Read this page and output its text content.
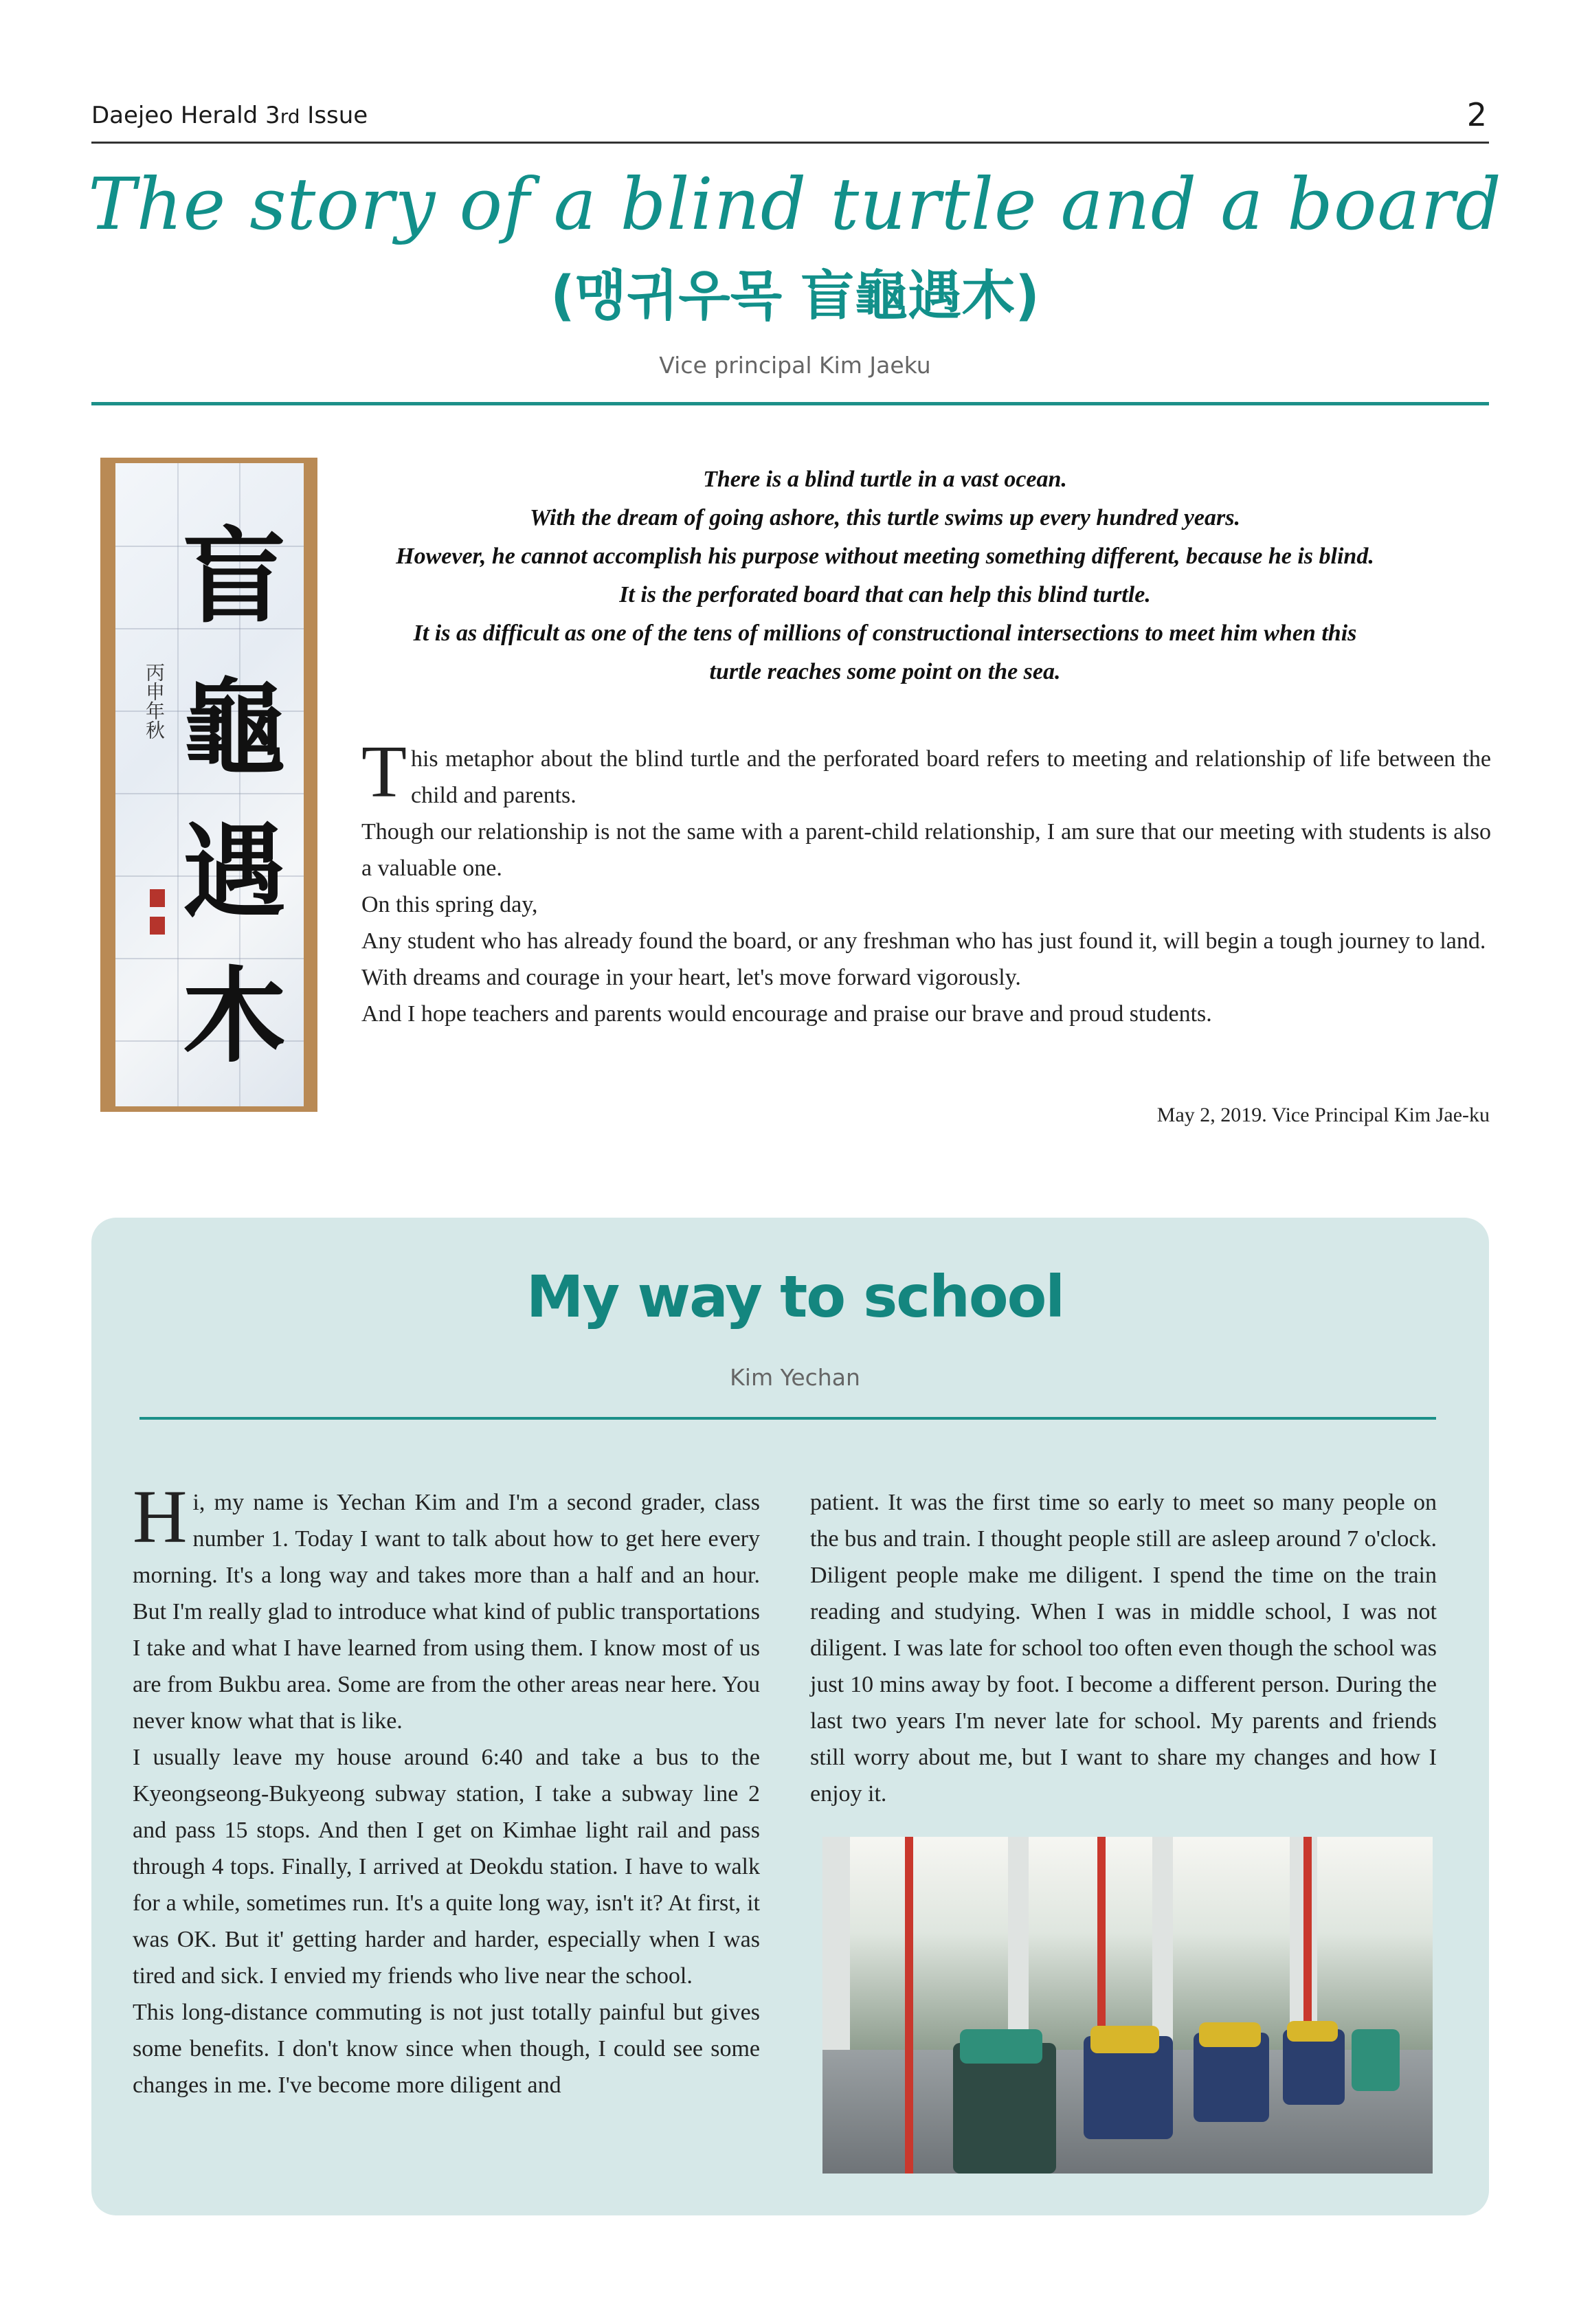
Daejeo Herald 3rd Issue	2
The story of a blind turtle and a board
(맹귀우목 盲龜遇木)
Vice principal Kim Jaeku
盲
龜
遇
木
丙申年秋
There is a blind turtle in a vast ocean.
With the dream of going ashore, this turtle swims up every hundred years.
However, he cannot accomplish his purpose without meeting something different, because he is blind.
It is the perforated board that can help this blind turtle.
It is as difficult as one of the tens of millions of constructional intersections to meet him when this
turtle reaches some point on the sea.

This metaphor about the blind turtle and the perforated board refers to meeting and relationship of life between the child and parents.

Though our relationship is not the same with a parent-child relationship, I am sure that our meeting with students is also a valuable one.

On this spring day,

Any student who has already found the board, or any freshman who has just found it, will begin a tough journey to land.

With dreams and courage in your heart, let's move forward vigorously.

And I hope teachers and parents would encourage and praise our brave and proud students.

May 2, 2019. Vice Principal Kim Jae-ku
My way to school
Kim Yechan

Hi, my name is Yechan Kim and I'm a second grader, class number 1. Today I want to talk about how to get here every morning. It's a long way and takes more than a half and an hour. But I'm really glad to introduce what kind of public transportations I take and what I have learned from using them. I know most of us are from Bukbu area. Some are from the other areas near here. You never know what that is like.

I usually leave my house around 6:40 and take a bus to the Kyeongseong-Bukyeong subway station, I take a subway line 2 and pass 15 stops. And then I get on Kimhae light rail and pass through 4 tops. Finally, I arrived at Deokdu station. I have to walk for a while, sometimes run. It's a quite long way, isn't it? At first, it was OK. But it' getting harder and harder, especially when I was tired and sick. I envied my friends who live near the school.

This long-distance commuting is not just totally painful but gives some benefits. I don't know since when though, I could see some changes in me. I've become more diligent and

patient. It was the first time so early to meet so many people on the bus and train. I thought people still are asleep around 7 o'clock. Diligent people make me diligent. I spend the time on the train reading and studying. When I was in middle school, I was not diligent. I was late for school too often even though the school was just 10 mins away by foot. I become a different person. During the last two years I'm never late for school. My parents and friends still worry about me, but I want to share my changes and how I enjoy it.
